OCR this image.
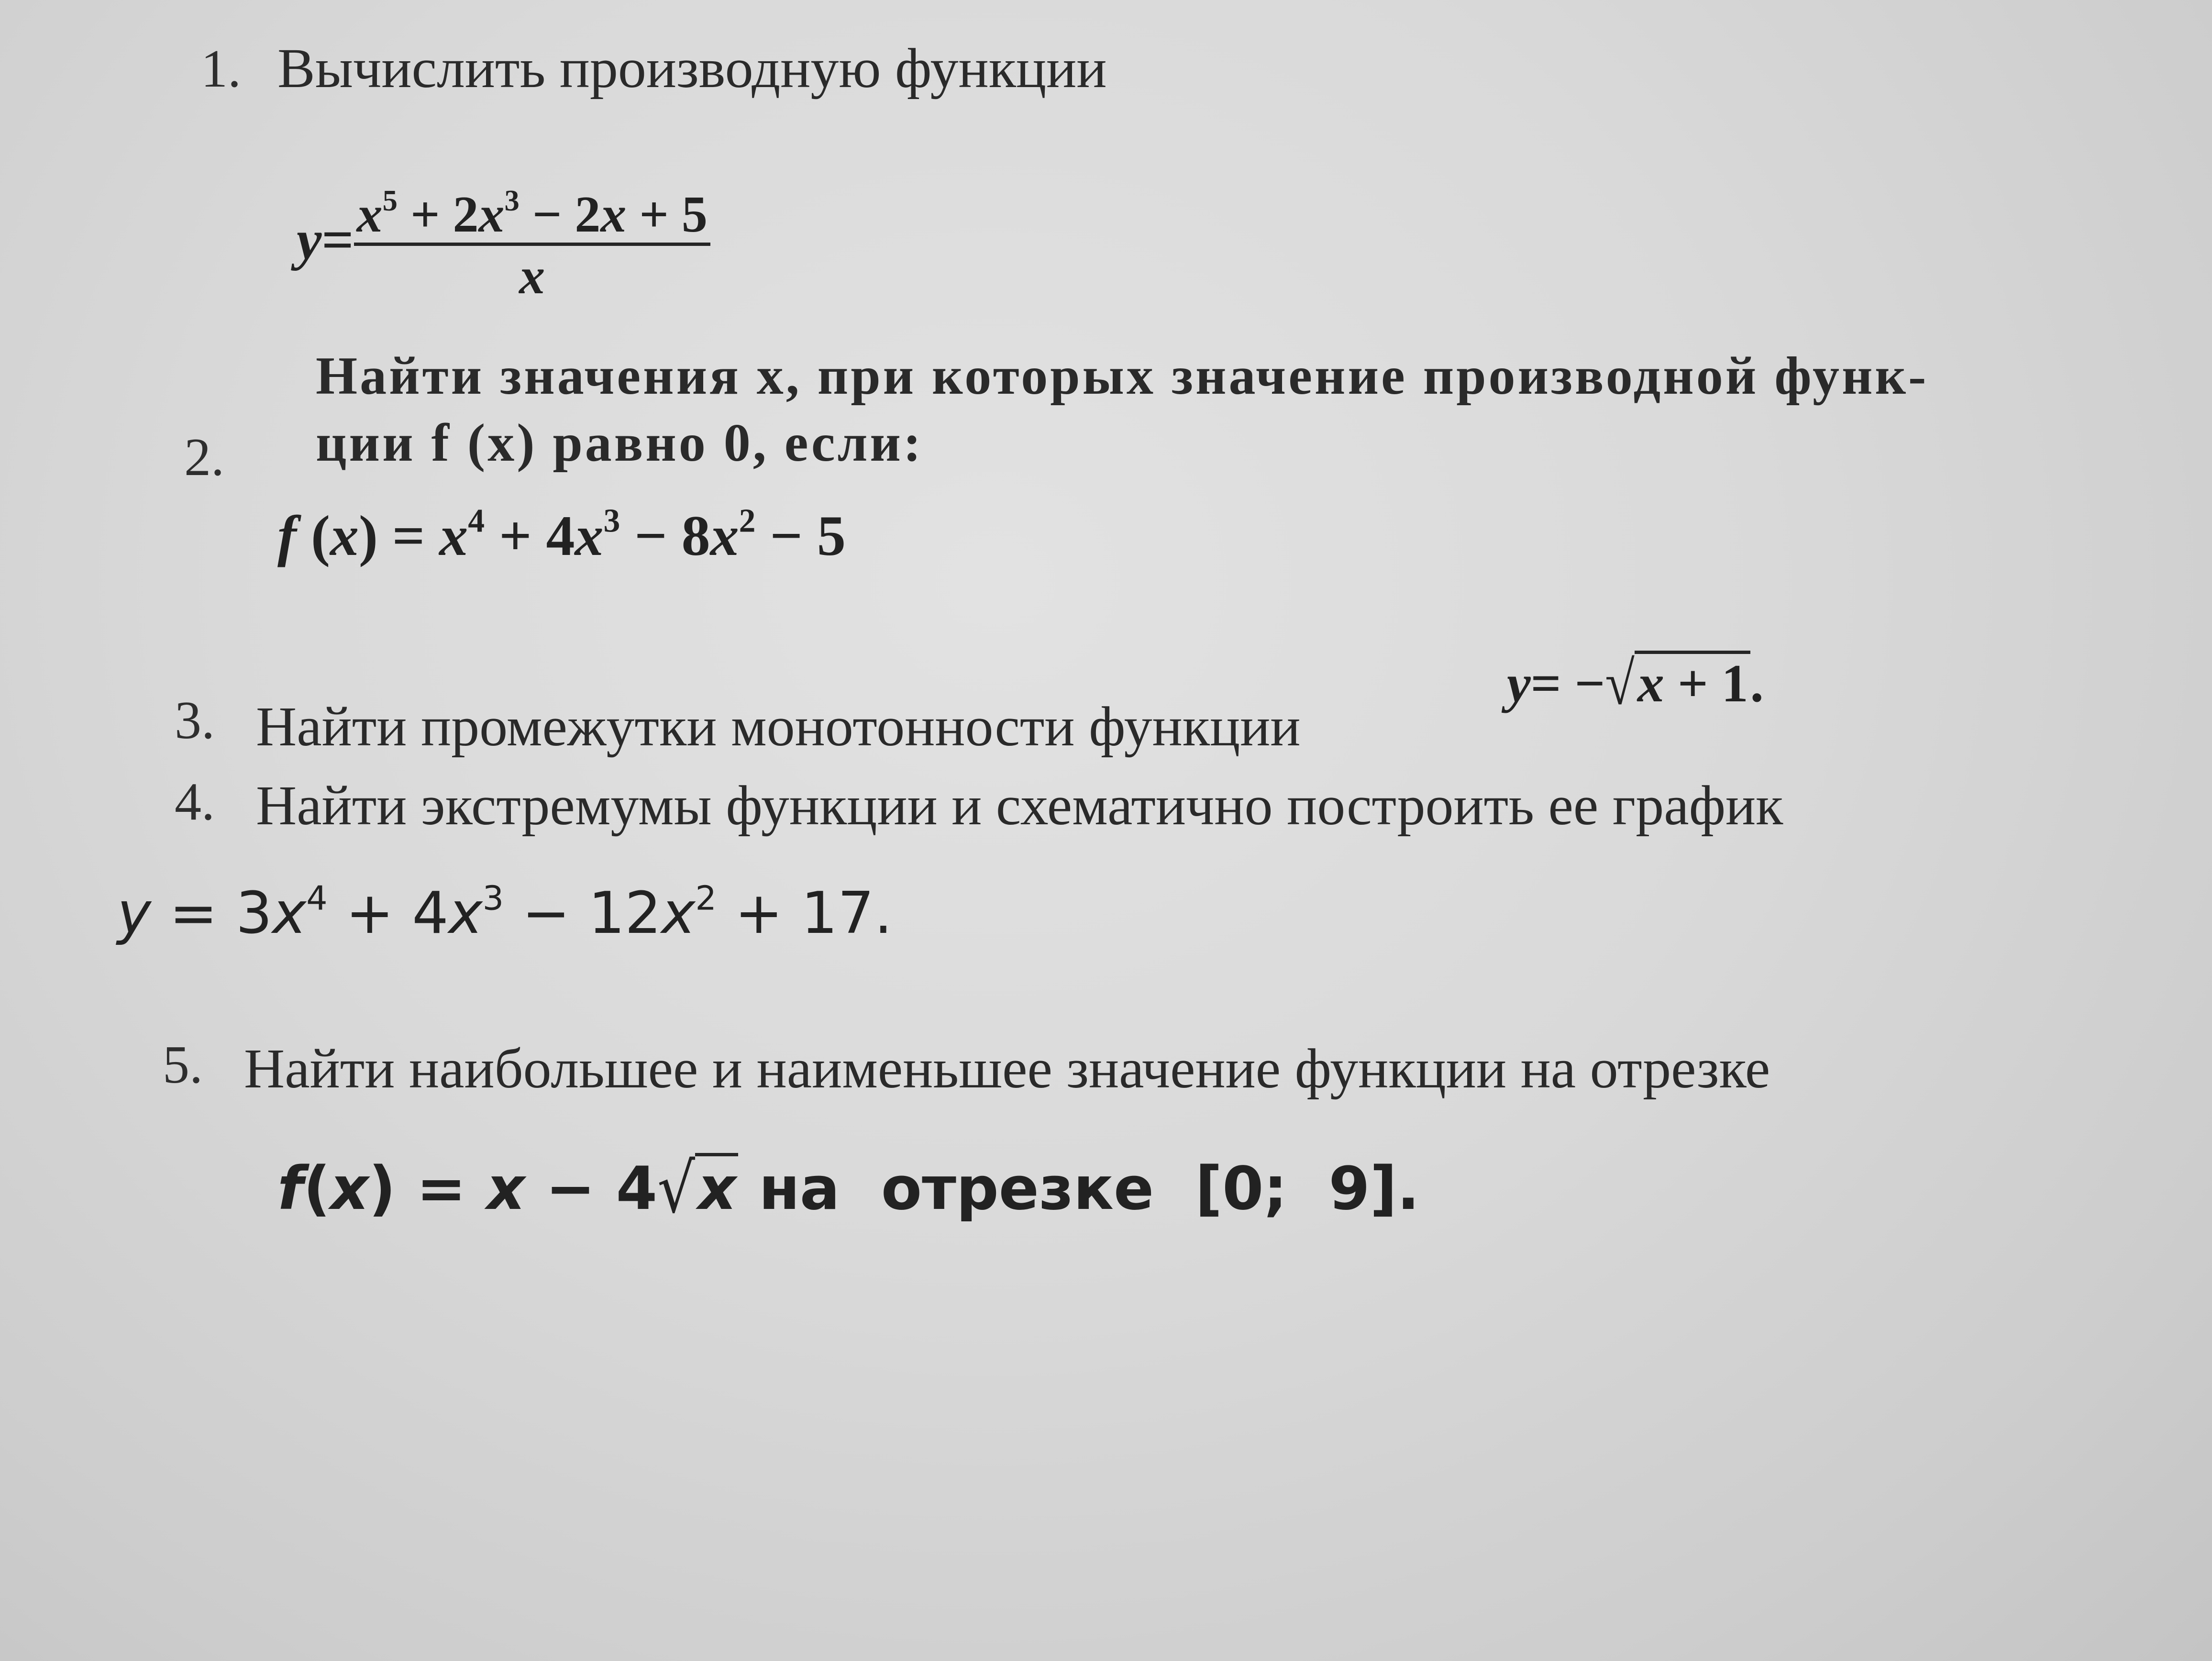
1. Вычислить производную функции
$y= \frac{x^5 + 2x^3 - 2x + 5}{x}$
2.
Найти значения x, при которых значение производной функ-
ции f (x) равно 0, если:
f $(x) = x^4 + 4x^3 - 8x^2 - 5$
3. Найти промежутки монотонности функции
y= −√x + 1.
4. Найти экстремумы функции и схематично построить ее график
$y = 3x^4 + 4x^3 - 12x^2 + 17$.
5. Найти наибольшее и наименьшее значение функции на отрезке
f(x) = x − 4√x на  отрезке  [0;  9].
